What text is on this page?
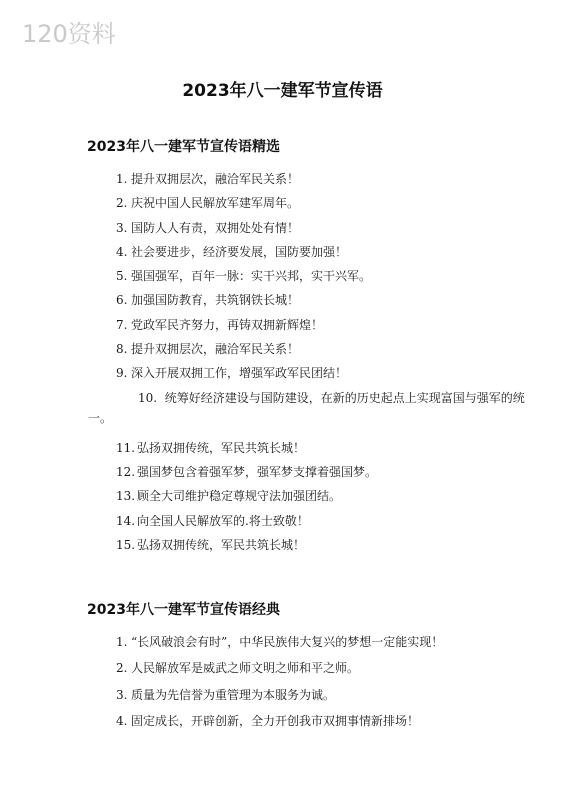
120资料
2023年八一建军节宣传语
2023年八一建军节宣传语精选
1. 提升双拥层次，融洽军民关系！
2. 庆祝中国人民解放军建军周年。
3. 国防人人有责，双拥处处有情！
4. 社会要进步，经济要发展，国防要加强！
5. 强国强军，百年一脉：实干兴邦，实干兴军。
6. 加强国防教育，共筑钢铁长城！
7. 党政军民齐努力，再铸双拥新辉煌！
8. 提升双拥层次，融洽军民关系！
9. 深入开展双拥工作，增强军政军民团结！
10. 统筹好经济建设与国防建设，在新的历史起点上实现富国与强军的统一。
11. 弘扬双拥传统，军民共筑长城！
12. 强国梦包含着强军梦，强军梦支撑着强国梦。
13. 顾全大司维护稳定尊规守法加强团结。
14. 向全国人民解放军的.将士致敬！
15. 弘扬双拥传统，军民共筑长城！
2023年八一建军节宣传语经典
1. “长风破浪会有时”，中华民族伟大复兴的梦想一定能实现！
2. 人民解放军是威武之师文明之师和平之师。
3. 质量为先信誉为重管理为本服务为诚。
4. 固定成长，开辟创新，全力开创我市双拥事情新排场！
